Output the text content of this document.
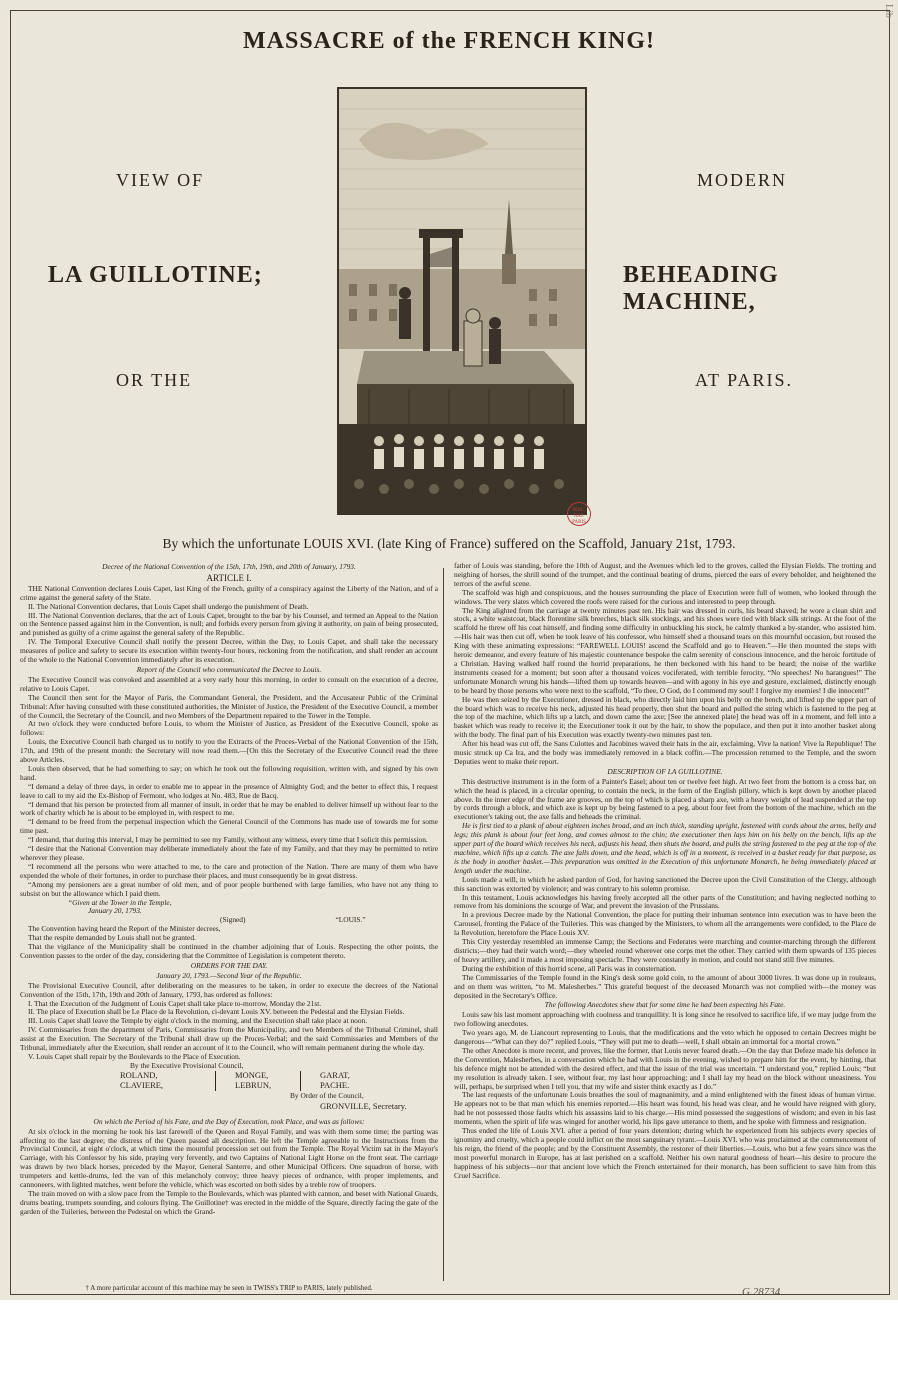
Lib
MASSACRE of the FRENCH KING!
VIEW OF
LA GUILLOTINE;
OR THE
MODERN
BEHEADING MACHINE,
AT PARIS.
BIBL. NAT. PARIS
By which the unfortunate LOUIS XVI. (late King of France) suffered on the Scaffold, January 21st, 1793.

Decree of the National Convention of the 15th, 17th, 19th, and 20th of January, 1793.

ARTICLE I.

THE National Convention declares Louis Capet, last King of the French, guilty of a conspiracy against the Liberty of the Nation, and of a crime against the general safety of the State.

II. The National Convention declares, that Louis Capet shall undergo the punishment of Death.

III. The National Convention declares, that the act of Louis Capet, brought to the bar by his Counsel, and termed an Appeal to the Nation on the Sentence passed against him in the Convention, is null; and forbids every person from giving it authority, on pain of being prosecuted, and punished as guilty of a crime against the general safety of the Republic.

IV. The Temporal Executive Council shall notify the present Decree, within the Day, to Louis Capet, and shall take the necessary measures of police and safety to secure its execution within twenty-four hours, reckoning from the notification, and shall render an account of the whole to the National Convention immediately after its execution.

Report of the Council who communicated the Decree to Louis.

The Executive Council was convoked and assembled at a very early hour this morning, in order to consult on the execution of a decree, relative to Louis Capet.

The Council then sent for the Mayor of Paris, the Commandant General, the President, and the Accusateur Public of the Criminal Tribunal: After having consulted with these constituted authorities, the Minister of Justice, the President of the Executive Council, a member of the Council, the Secretary of the Council, and two Members of the Department repaired to the Tower in the Temple.

At two o'clock they were conducted before Louis, to whom the Minister of Justice, as President of the Executive Council, spoke as follows:

Louis, the Executive Council hath charged us to notify to you the Extracts of the Proces-Verbal of the National Convention of the 15th, 17th, and 19th of the present month: the Secretary will now read them.—[On this the Secretary of the Executive Council read the three above Articles.

Louis then observed, that he had something to say; on which he took out the following requisition, written with, and signed by his own hand.

“I demand a delay of three days, in order to enable me to appear in the presence of Almighty God; and the better to effect this, I request leave to call to my aid the Ex-Bishop of Fermont, who lodges at No. 483, Rue de Bacq.

“I demand that his person be protected from all manner of insult, in order that he may be enabled to deliver himself up without fear to the work of charity which he is about to be employed in, with respect to me.

“I demand to be freed from the perpetual inspection which the General Council of the Commons has made use of towards me for some time past.

“I demand, that during this interval, I may be permitted to see my Family, without any witness, every time that I solicit this permission.

“I desire that the National Convention may deliberate immediately about the fate of my Family, and that they may be permitted to retire wherever they please.

“I recommend all the persons who were attached to me, to the care and protection of the Nation. There are many of them who have expended the whole of their fortunes, in order to purchase their places, and must consequently be in great distress.

“Among my pensioners are a great number of old men, and of poor people burthened with large families, who have not any thing to subsist on but the allowance which I paid them.

“Given at the Tower in the Temple,

January 20, 1793.

(Signed)	“LOUIS.”

The Convention having heard the Report of the Minister decrees,

That the respite demanded by Louis shall not be granted.

That the vigilance of the Municipality shall be continued in the chamber adjoining that of Louis. Respecting the other points, the Convention passes to the order of the day, considering that the Committee of Legislation is competent thereto.

ORDERS FOR THE DAY.

January 20, 1793.—Second Year of the Republic.

The Provisional Executive Council, after deliberating on the measures to be taken, in order to execute the decrees of the National Convention of the 15th, 17th, 19th and 20th of January, 1793, has ordered as follows:

I. That the Execution of the Judgment of Louis Capet shall take place to-morrow, Monday the 21st.

II. The place of Execution shall be Le Place de la Revolution, ci-devant Louis XV. between the Pedestal and the Elysian Fields.

III. Louis Capet shall leave the Temple by eight o'clock in the morning, and the Execution shall take place at noon.

IV. Commissaries from the department of Paris, Commissaries from the Municipality, and two Members of the Tribunal Criminel, shall assist at the Execution. The Secretary of the Tribunal shall draw up the Proces-Verbal; and the said Commissaries and Members of the Tribunal, immediately after the Execution, shall render an account of it to the Council, who will remain permanent during the whole day.

V. Louis Capet shall repair by the Boulevards to the Place of Execution.

By the Executive Provisional Council,

ROLAND,
CLAVIERE,
MONGE,
LEBRUN,
GARAT,
PACHE.
By Order of the Council,
GRONVILLE, Secretary.

On which the Period of his Fate, and the Day of Execution, took Place, and was as follows:

At six o'clock in the morning he took his last farewell of the Queen and Royal Family, and was with them some time; the parting was affecting to the last degree; the distress of the Queen passed all description. He left the Temple agreeable to the Instructions from the Provincial Council, at eight o'clock, at which time the mournful procession set out from the Temple. The Royal Victim sat in the Mayor's Carriage, with his Confessor by his side, praying very fervently, and two Captains of National Light Horse on the front seat. The carriage was drawn by two black horses, preceded by the Mayor, General Santerre, and other Municipal Officers. One squadron of horse, with trumpeters and kettle-drums, led the van of this melancholy convoy; three heavy pieces of ordnance, with proper implements, and cannoneers, with lighted matches, went before the vehicle, which was escorted on both sides by a treble row of troopers.

The train moved on with a slow pace from the Temple to the Boulevards, which was planted with cannon, and beset with National Guards, drums beating, trumpets sounding, and colours flying. The Guillotine† was erected in the middle of the Square, directly facing the gate of the garden of the Tuileries, between the Pedestal on which the Grand-

father of Louis was standing, before the 10th of August, and the Avenues which led to the groves, called the Elysian Fields. The trotting and neighing of horses, the shrill sound of the trumpet, and the continual beating of drums, pierced the ears of every beholder, and heightened the terrors of the awful scene.

The scaffold was high and conspicuous, and the houses surrounding the place of Execution were full of women, who looked through the windows. The very slates which covered the roofs were raised for the curious and interested to peep through.

The King alighted from the carriage at twenty minutes past ten. His hair was dressed in curls, his beard shaved; he wore a clean shirt and stock, a white waistcoat, black florentine silk breeches, black silk stockings, and his shoes were tied with black silk strings. At the foot of the scaffold he threw off his coat himself, and finding some difficulty in unbuckling his stock, he calmly thanked a by-stander, who assisted him.—His hair was then cut off, when he took leave of his confessor, who himself shed a thousand tears on this mournful occasion, but roused the King with these animating expressions: “FAREWELL LOUIS! ascend the Scaffold and go to Heaven.”—He then mounted the steps with heroic demeanor, and every feature of his majestic countenance bespoke the calm serenity of conscious innocence, and the heroic fortitude of a Christian. Having walked half round the horrid preparations, he then beckoned with his hand to be heard; the noise of the warlike instruments ceased for a moment; but soon after a thousand voices vociferated, with terrible ferocity, “No speeches! No harangues!” The unfortunate Monarch wrung his hands—lifted them up towards heaven—and with agony in his eye and gesture, exclaimed, distinctly enough to be heard by those persons who were next to the scaffold, “To thee, O God, do I commend my soul! I forgive my enemies! I die innocent!”

He was then seized by the Executioner, dressed in black, who directly laid him upon his belly on the bench, and lifted up the upper part of the board which was to receive his neck, adjusted his head properly, then shut the board and pulled the string which is fastened to the peg at the top of the machine, which lifts up a latch, and down came the axe; [See the annexed plate] the head was off in a moment, and fell into a basket which was ready to receive it; the Executioner took it out by the hair, to show the populace, and then put it into another basket along with the body. The final part of his Execution was exactly twenty-two minutes past ten.

After his head was cut off, the Sans Culottes and Jacobines waved their hats in the air, exclaiming, Vive la nation! Vive la Republique! The music struck up Ca Ira, and the body was immediately removed in a black coffin.—The procession returned to the Temple, and the sworn Deputies went to make their report.

DESCRIPTION OF LA GUILLOTINE.

This destructive instrument is in the form of a Painter's Easel; about ten or twelve feet high. At two feet from the bottom is a cross bar, on which the head is placed, in a circular opening, to contain the neck, in the form of the English pillory, which is kept down by another placed above. In the inner edge of the frame are grooves, on the top of which is placed a sharp axe, with a heavy weight of lead suspended at the top by cords through a block, and which axe is kept up by being fastened to a peg, about four feet from the bottom of the machine, which on the executioner's taking out, the axe falls and beheads the criminal.

He is first tied to a plank of about eighteen inches broad, and an inch thick, standing upright, fastened with cords about the arms, belly and legs; this plank is about four feet long, and comes almost to the chin; the executioner then lays him on his belly on the bench, lifts up the upper part of the board which receives his neck, adjusts his head, then shuts the board, and pulls the string fastened to the peg at the top of the machine, which lifts up a catch. The axe falls down, and the head, which is off in a moment, is received in a basket ready for that purpose, as is the body in another basket.—This preparation was omitted in the Execution of this unfortunate Monarch, he being immediately placed at length under the machine.

Louis made a will, in which he asked pardon of God, for having sanctioned the Decree upon the Civil Constitution of the Clergy, although this sanction was extorted by violence; and was contrary to his solemn promise.

In this testament, Louis acknowledges his having freely accepted all the other parts of the Constitution; and having neglected nothing to remove from his dominions the scourge of War, and prevent the invasion of the Prussians.

In a previous Decree made by the National Convention, the place for putting their inhuman sentence into execution was to have been the Carousel, fronting the Palace of the Tuileries. This was changed by the Ministers, to whom all the arrangements were confided, to the Place de la Revolution, heretofore the Place Louis XV.

This City yesterday resembled an immense Camp; the Sections and Federates were marching and counter-marching through the different districts;—they had their watch word;—they wheeled round wherever one corps met the other. They carried with them upwards of 135 pieces of heavy artillery, and it made a most imposing spectacle. They were constantly in motion, and could not stand still five minutes.

During the exhibition of this horrid scene, all Paris was in consternation.

The Commissaries of the Temple found in the King's desk some gold coin, to the amount of about 3000 livres. It was done up in rouleaus, and on them was written, “to M. Malesherbes.” This grateful bequest of the deceased Monarch was not complied with—the money was deposited in the Secretary's Office.

The following Anecdotes shew that for some time he had been expecting his Fate.

Louis saw his last moment approaching with coolness and tranquillity. It is long since he resolved to sacrifice life, if we may judge from the two following anecdotes.

Two years ago, M. de Liancourt representing to Louis, that the modifications and the veto which he opposed to certain Decrees might be dangerous—“What can they do?” replied Louis, “They will put me to death—well, I shall obtain an immortal for a mortal crown.”

The other Anecdote is more recent, and proves, like the former, that Louis never feared death.—On the day that Defeze made his defence in the Convention, Malesherbes, in a conversation which he had with Louis in the evening, wished to prepare him for the event, by hinting, that his defence might not be attended with the desired effect, and that the issue of the trial was uncertain. “I understand you,” replied Louis; “but my resolution is already taken. I see, without fear, my last hour approaching; and I shall lay my head on the block without uneasiness. You will, perhaps, be surprised when I tell you, that my wife and sister think exactly as I do.”

The last requests of the unfortunate Louis breathes the soul of magnanimity, and a mind enlightened with the finest ideas of human virtue. He appears not to be that man which his enemies reported.—His heart was found, his head was clear, and he would have reigned with glory, had he not possessed those faults which his assassins laid to his charge.—His mind possessed the suggestions of wisdom; and even in his last moments, when the spirit of life was winged for another world, his lips gave utterance to them, and he spoke with firmness and resignation.

Thus ended the life of Louis XVI. after a period of four years detention; during which he experienced from his subjects every species of ignominy and cruelty, which a people could inflict on the most sanguinary tyrant.—Louis XVI. who was proclaimed at the commencement of his reign, the friend of the people; and by the Constituent Assembly, the restorer of their liberties.—Louis, who but a few years since was the most powerful monarch in Europe, has at last perished on a scaffold. Neither his own natural goodness of heart—his desire to procure the happiness of his subjects—nor that ancient love which the French entertained for their monarch, has been sufficient to save him from this Cruel Sacrifice.

† A more particular account of this machine may be seen in TWISS's TRIP to PARIS, lately published.	G.28734
